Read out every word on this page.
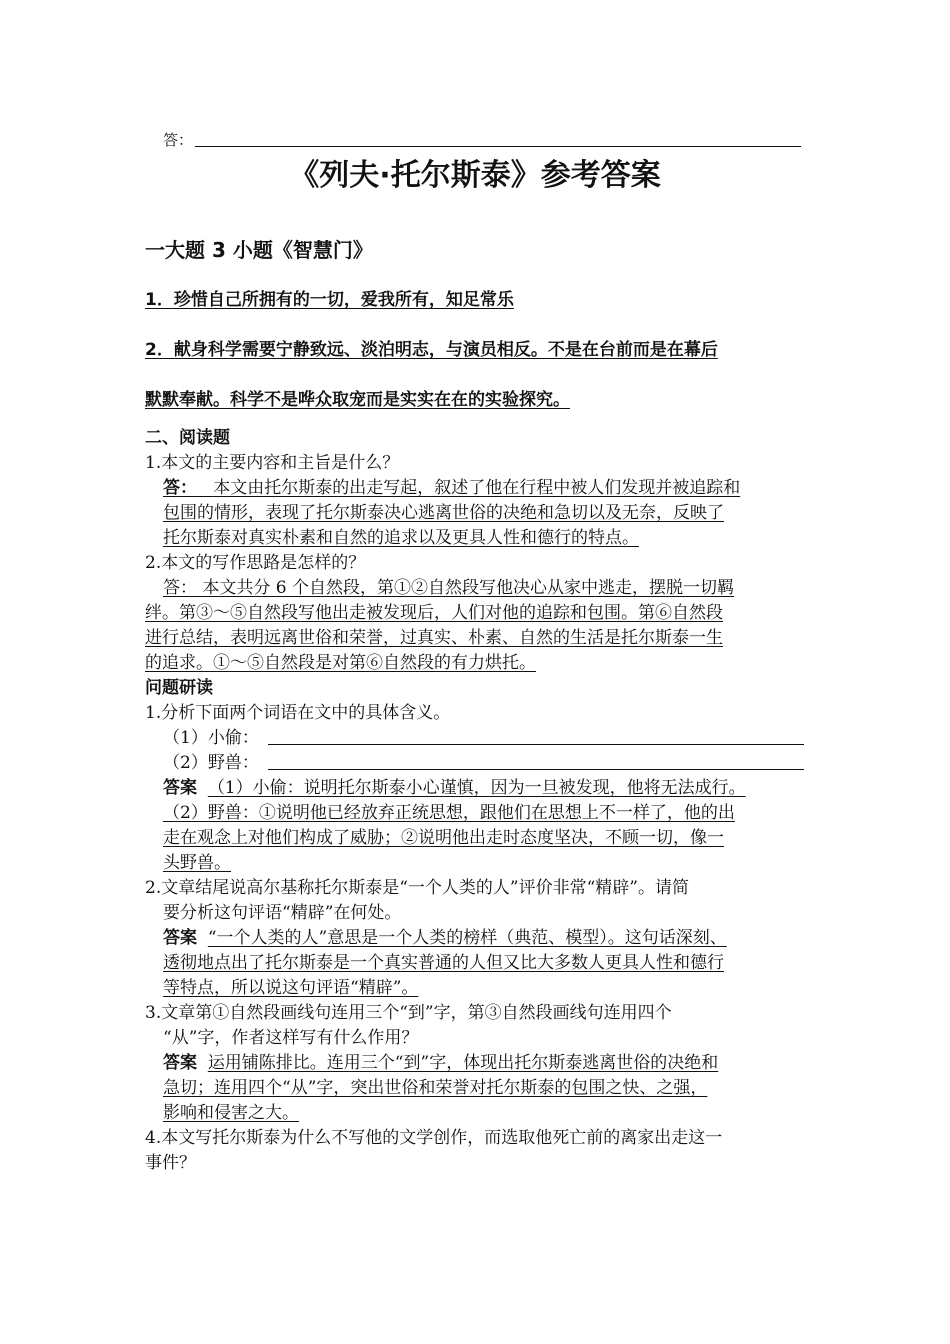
答：
《列夫·托尔斯泰》参考答案
一大题 3 小题《智慧门》
1．珍惜自己所拥有的一切，爱我所有，知足常乐
2．献身科学需要宁静致远、淡泊明志，与演员相反。不是在台前而是在幕后
默默奉献。科学不是哗众取宠而是实实在在的实验探究。
二、阅读题
1.本文的主要内容和主旨是什么？
答： 本文由托尔斯泰的出走写起，叙述了他在行程中被人们发现并被追踪和
包围的情形，表现了托尔斯泰决心逃离世俗的决绝和急切以及无奈，反映了
托尔斯泰对真实朴素和自然的追求以及更具人性和德行的特点。
2.本文的写作思路是怎样的？
答： 本文共分 6 个自然段，第①②自然段写他决心从家中逃走，摆脱一切羁
绊。第③～⑤自然段写他出走被发现后，人们对他的追踪和包围。第⑥自然段
进行总结，表明远离世俗和荣誉，过真实、朴素、自然的生活是托尔斯泰一生
的追求。①～⑤自然段是对第⑥自然段的有力烘托。
问题研读
1.分析下面两个词语在文中的具体含义。
（1）小偷：
（2）野兽：
答案 （1）小偷：说明托尔斯泰小心谨慎，因为一旦被发现，他将无法成行。
（2）野兽：①说明他已经放弃正统思想，跟他们在思想上不一样了，他的出
走在观念上对他们构成了威胁；②说明他出走时态度坚决，不顾一切，像一
头野兽。
2.文章结尾说高尔基称托尔斯泰是“一个人类的人”评价非常“精辟”。请简
要分析这句评语“精辟”在何处。
答案 “一个人类的人”意思是一个人类的榜样（典范、模型）。这句话深刻、
透彻地点出了托尔斯泰是一个真实普通的人但又比大多数人更具人性和德行
等特点，所以说这句评语“精辟”。
3.文章第①自然段画线句连用三个“到”字，第③自然段画线句连用四个
“从”字，作者这样写有什么作用？
答案 运用铺陈排比。连用三个“到”字，体现出托尔斯泰逃离世俗的决绝和
急切；连用四个“从”字，突出世俗和荣誉对托尔斯泰的包围之快、之强，
影响和侵害之大。
4.本文写托尔斯泰为什么不写他的文学创作，而选取他死亡前的离家出走这一
事件？
